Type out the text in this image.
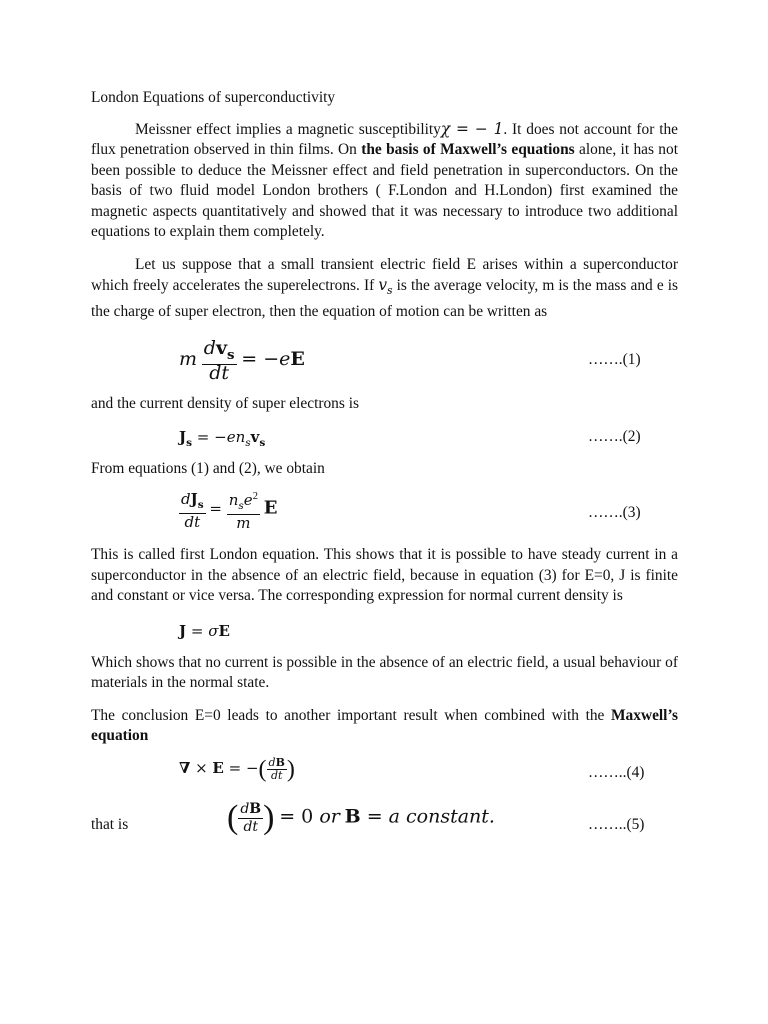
London Equations of superconductivity

Meissner effect implies a magnetic susceptibilityχ = − 1. It does not account for the flux penetration observed in thin films. On the basis of Maxwell’s equations alone, it has not been possible to deduce the Meissner effect and field penetration in superconductors. On the basis of two fluid model London brothers ( F.London and H.London) first examined the magnetic aspects quantitatively and showed that it was necessary to introduce two additional equations to explain them completely.

Let us suppose that a small transient electric field E arises within a superconductor which freely accelerates the superelectrons. If $v_s$ is the average velocity, m is the mass and e is the charge of super electron, then the equation of motion can be written as

m $\frac{dv_s}{dt} = -eE$	…….(1)

and the current density of super electrons is

$J_s = -en_sv_s$	…….(2)

From equations (1) and (2), we obtain

$\frac{dJ_s}{dt} = \frac{n_se^2}{m}$ E	…….(3)

This is called first London equation. This shows that it is possible to have steady current in a superconductor in the absence of an electric field, because in equation (3) for E=0, J is finite and constant or vice versa. The corresponding expression for normal current density is

J = σE

Which shows that no current is possible in the absence of an electric field, a usual behaviour of materials in the normal state.

The conclusion E=0 leads to another important result when combined with the Maxwell’s equation

∇ × E = −( $\frac{dB}{dt}$ )	……..(4)
that is	( $\frac{dB}{dt}$ ) = 0 or B = a constant.	……..(5)
